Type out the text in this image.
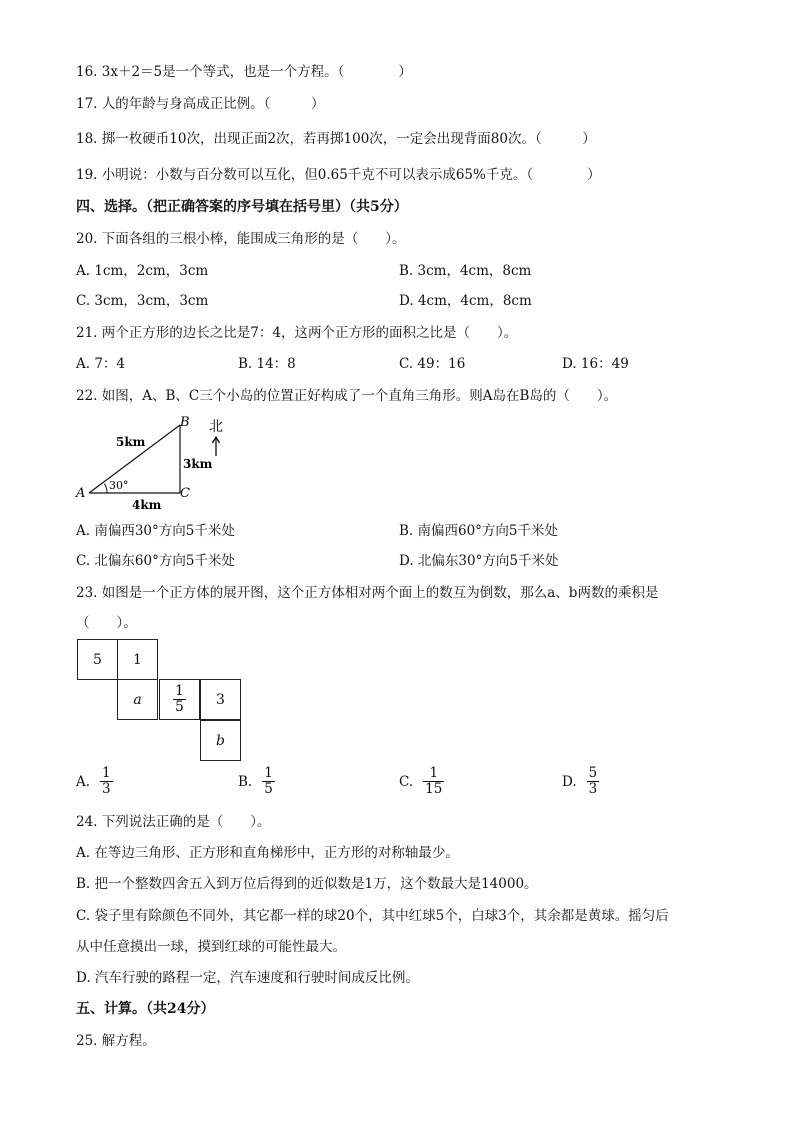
16. 3x＋2＝5是一个等式，也是一个方程。（　　　　）
17. 人的年龄与身高成正比例。（　　　）
18. 掷一枚硬币10次，出现正面2次，若再掷100次，一定会出现背面80次。（　　　）
19. 小明说：小数与百分数可以互化，但0.65千克不可以表示成65%千克。（　　　　）
四、选择。（把正确答案的序号填在括号里）（共5分）
20. 下面各组的三根小棒，能围成三角形的是（　　）。
A. 1cm，2cm，3cm	B. 3cm，4cm，8cm
C. 3cm，3cm，3cm	D. 4cm，4cm，8cm
21. 两个正方形的边长之比是7：4，这两个正方形的面积之比是（　　）。
A. 7：4	B. 14：8	C. 49：16	D. 16：49
22. 如图，A、B、C三个小岛的位置正好构成了一个直角三角形。则A岛在B岛的（　　）。
A
B
C
5km
3km
4km
30°
北
A. 南偏西30°方向5千米处	B. 南偏西60°方向5千米处
C. 北偏东60°方向5千米处	D. 北偏东30°方向5千米处
23. 如图是一个正方体的展开图，这个正方体相对两个面上的数互为倒数，那么a、b两数的乘积是
（　　）。
5	1
a $\frac{1}{5}$	3
b
A. $\frac{1}{3}$	B. $\frac{1}{5}$	C. $\frac{1}{15}$	D. $\frac{5}{3}$
24. 下列说法正确的是（　　）。
A. 在等边三角形、正方形和直角梯形中，正方形的对称轴最少。
B. 把一个整数四舍五入到万位后得到的近似数是1万，这个数最大是14000。
C. 袋子里有除颜色不同外，其它都一样的球20个，其中红球5个，白球3个，其余都是黄球。摇匀后
从中任意摸出一球，摸到红球的可能性最大。
D. 汽车行驶的路程一定，汽车速度和行驶时间成反比例。
五、计算。（共24分）
25. 解方程。
